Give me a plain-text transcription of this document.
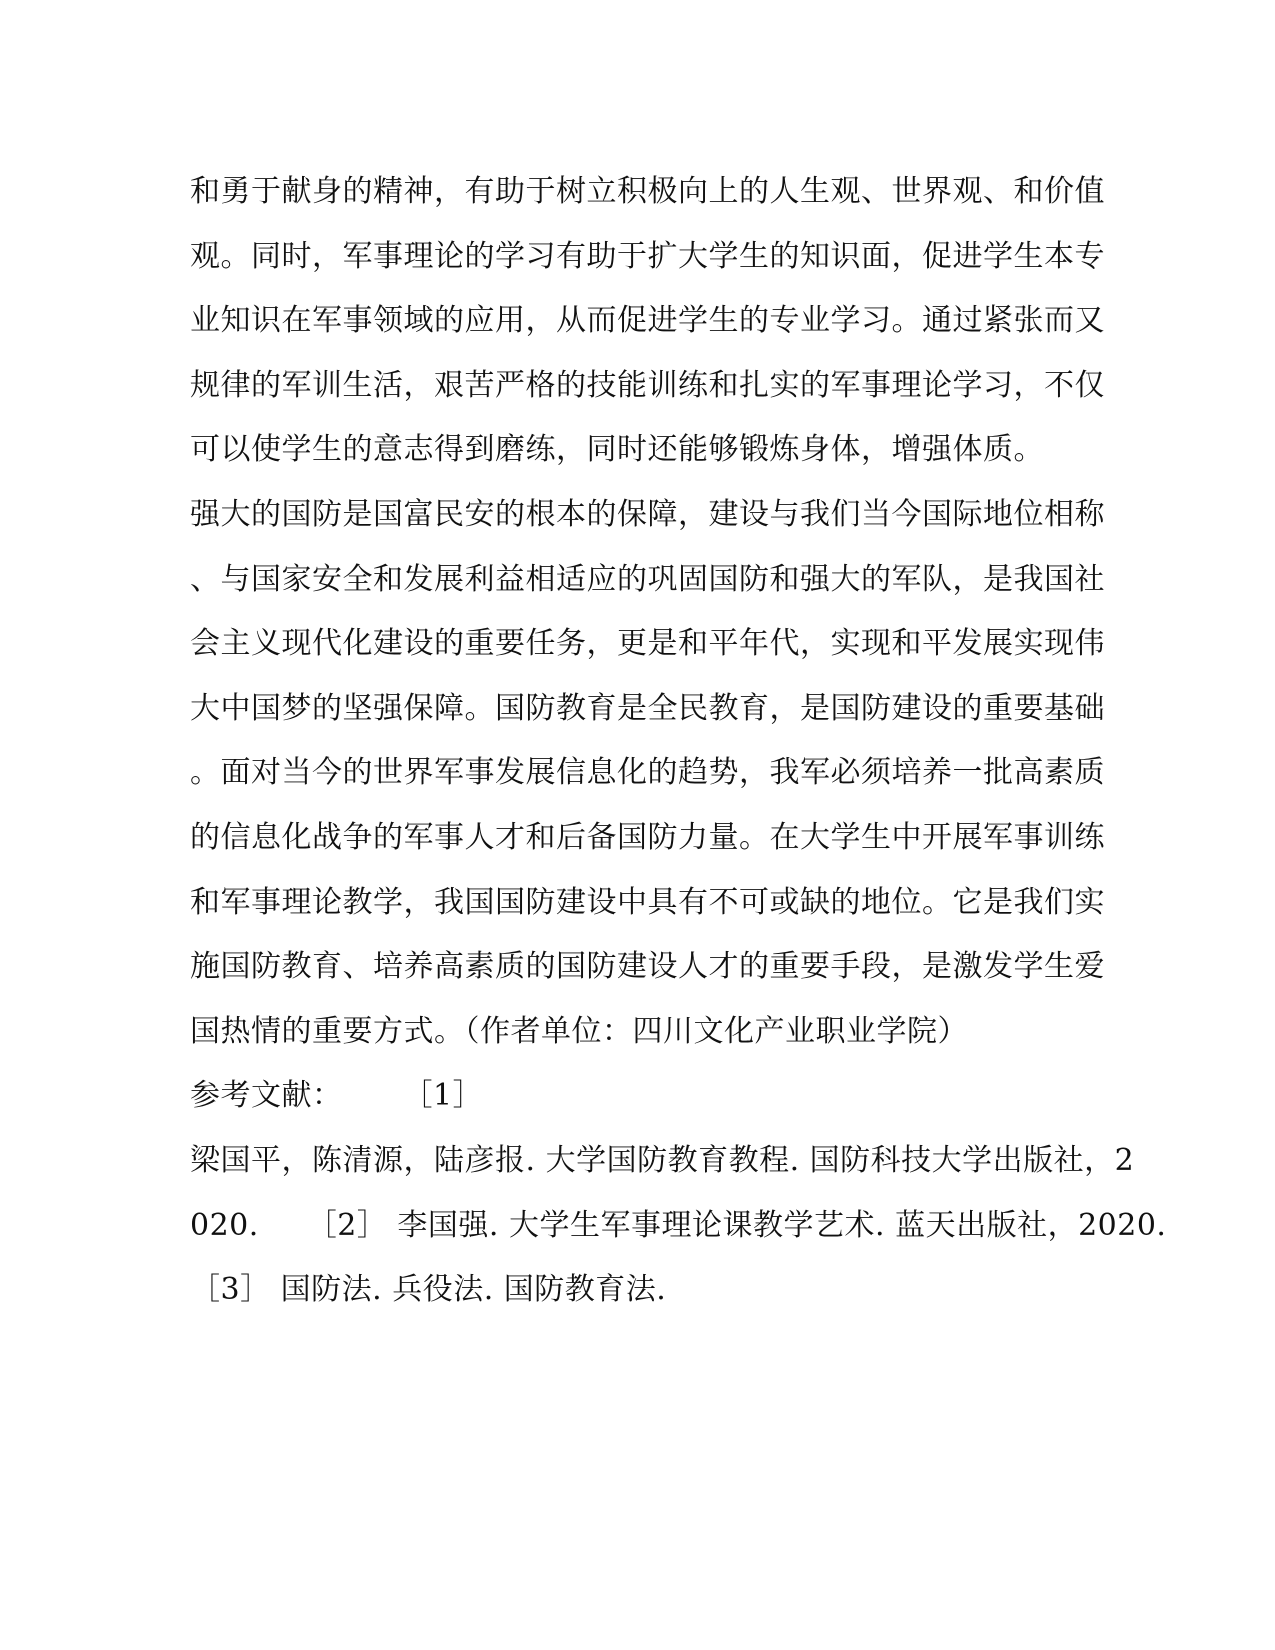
和勇于献身的精神，有助于树立积极向上的人生观、世界观、和价值
观。同时，军事理论的学习有助于扩大学生的知识面，促进学生本专
业知识在军事领域的应用，从而促进学生的专业学习。通过紧张而又
规律的军训生活，艰苦严格的技能训练和扎实的军事理论学习，不仅
可以使学生的意志得到磨练，同时还能够锻炼身体，增强体质。
强大的国防是国富民安的根本的保障，建设与我们当今国际地位相称
、与国家安全和发展利益相适应的巩固国防和强大的军队，是我国社
会主义现代化建设的重要任务，更是和平年代，实现和平发展实现伟
大中国梦的坚强保障。国防教育是全民教育，是国防建设的重要基础
。面对当今的世界军事发展信息化的趋势，我军必须培养一批高素质
的信息化战争的军事人才和后备国防力量。在大学生中开展军事训练
和军事理论教学，我国国防建设中具有不可或缺的地位。它是我们实
施国防教育、培养高素质的国防建设人才的重要手段，是激发学生爱
国热情的重要方式。（作者单位：四川文化产业职业学院）
参考文献： ［1］
梁国平，陈清源，陆彦报. 大学国防教育教程. 国防科技大学出版社，2
020. ［2］ 李国强. 大学生军事理论课教学艺术. 蓝天出版社，2020.
［3］ 国防法. 兵役法. 国防教育法.
